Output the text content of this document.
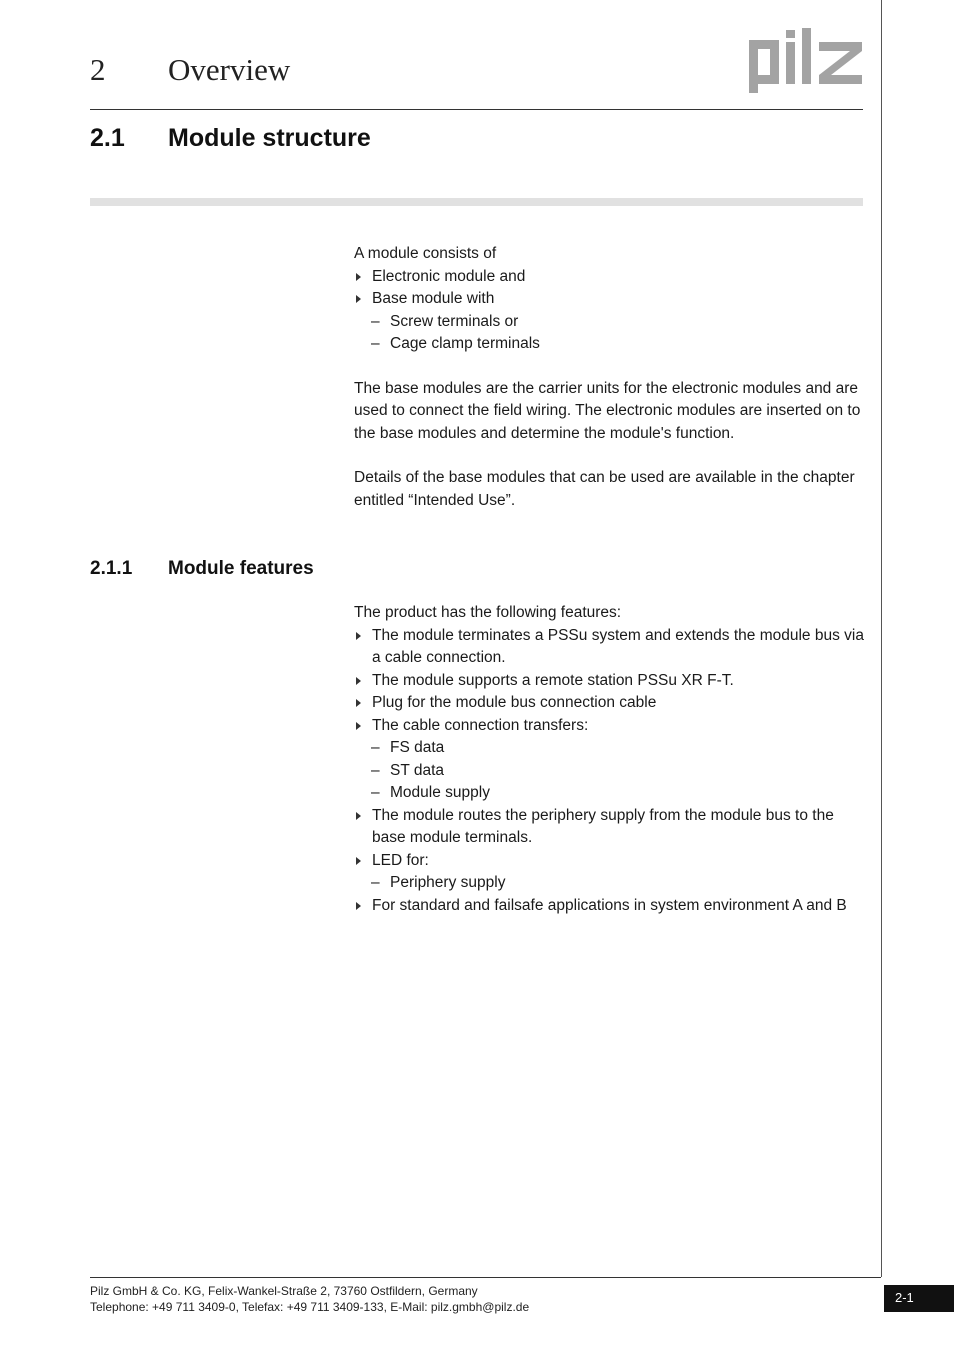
2 Overview
2.1 Module structure

A module consists of

Electronic module and
Base module with
– Screw terminals or
– Cage clamp terminals

The base modules are the carrier units for the electronic modules and are used to connect the field wiring. The electronic modules are inserted on to the base modules and determine the module's function.

Details of the base modules that can be used are available in the chapter entitled “Intended Use”.

2.1.1 Module features

The product has the following features:

The module terminates a PSSu system and extends the module bus via a cable connection.
The module supports a remote station PSSu XR F-T.
Plug for the module bus connection cable
The cable connection transfers:
– FS data
– ST data
– Module supply
The module routes the periphery supply from the module bus to the base module terminals.
LED for:
– Periphery supply
For standard and failsafe applications in system environment A and B
Pilz GmbH & Co. KG, Felix-Wankel-Straße 2, 73760 Ostfildern, Germany
Telephone: +49 711 3409-0, Telefax: +49 711 3409-133, E-Mail: pilz.gmbh@pilz.de
2-1
